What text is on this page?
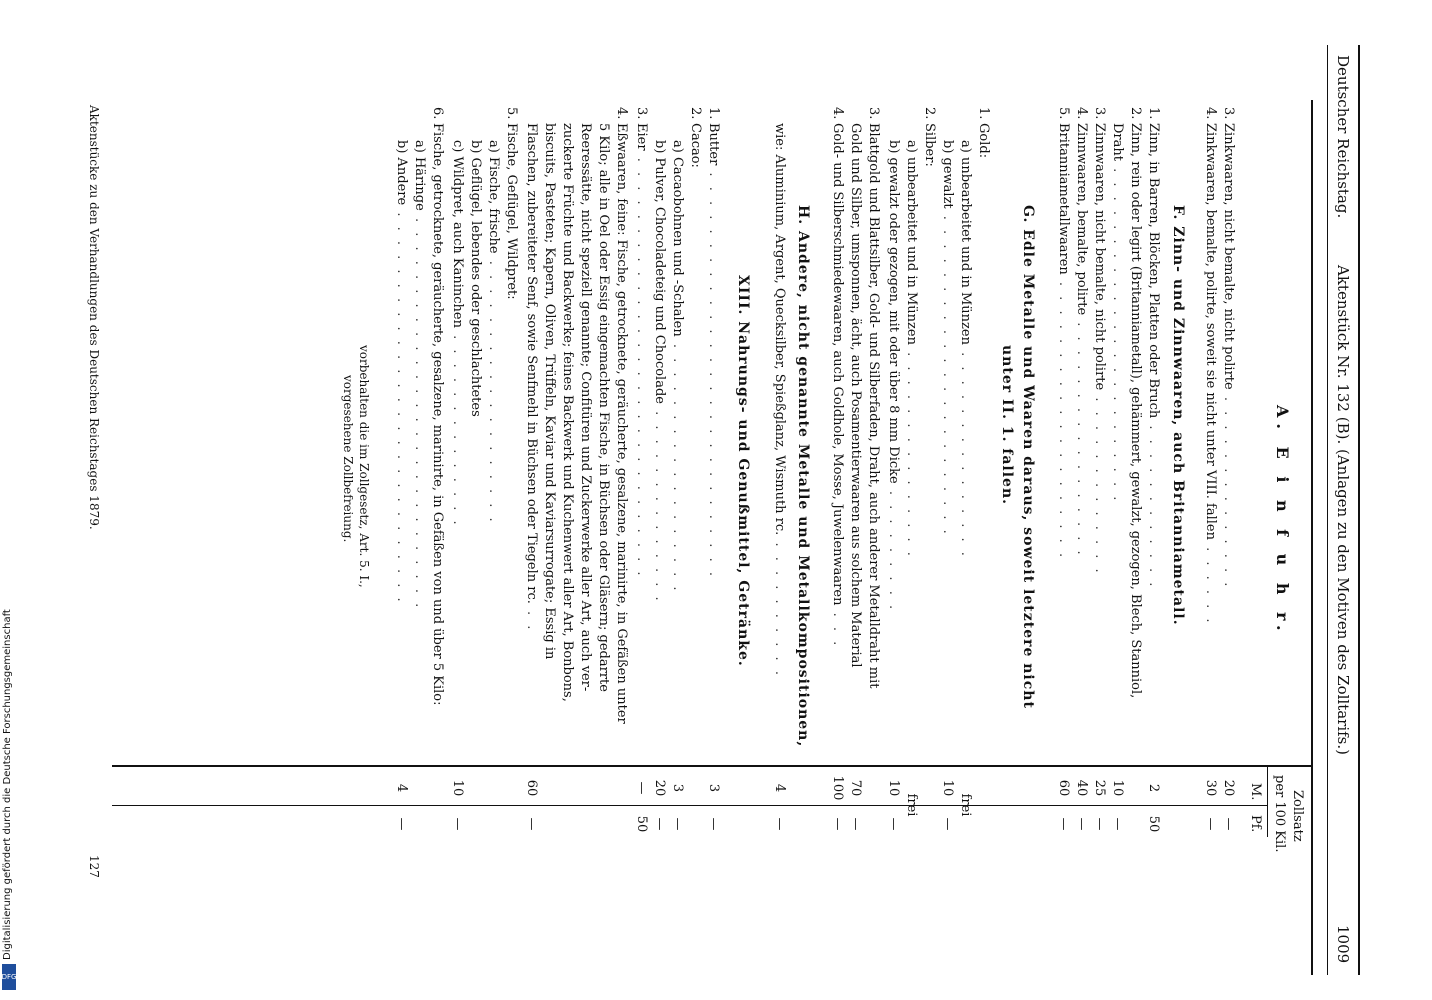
Digitalisierung gefördert durch die Deutsche Forschungsgemeinschaft
DFG
Deutscher Reichstag.
Aktenstück Nr. 132 (B). (Anlagen zu den Motiven des Zolltarifs.)
1009
Zollsatz
per 100 Kil.
M.
Pf.
A. E i n f u h r.
3.
Zinkwaaren, nicht bemalte, nicht polirte . . . . . . . . . . . . . .
20
—
4.
Zinkwaaren, bemalte, polirte, soweit sie nicht unter VIII. fallen . . . . . .
30
—
F. Zinn- und Zinnwaaren, auch Britanniametall.
1.
Zinn, in Barren, Blöcken, Platten oder Bruch . . . . . . . . . . . .
2
50
2.
Zinn, rein oder legirt (Britanniametall), gehämmert, gewalzt, gezogen, Blech, Stanniol,
Draht . . . . . . . . . . . . . . . . . . . . . . . .
10
—
3.
Zinnwaaren, nicht bemalte, nicht polirte . . . . . . . . . . . . .
25
—
4.
Zinnwaaren, bemalte, polirte . . . . . . . . . . . . . . . . .
40
—
5.
Britanniametallwaaren . . . . . . . . . . . . . . . . . . . .
60
—
G. Edle Metalle und Waaren daraus, soweit letztere nicht
unter II. 1. fallen.
1.
Gold:
a) unbearbeitet und in Münzen . . . . . . . . . . . . . . .
frei
b) gewalzt . . . . . . . . . . . . . . . . . . . . . . .
10
—
2.
Silber:
a) unbearbeitet und in Münzen . . . . . . . . . . . . . . .
frei
b) gewalzt oder gezogen, mit oder über 8 mm Dicke . . . . . . . . .
10
—
3.
Blattgold und Blattsilber, Gold- und Silberfaden, Draht, auch anderer Metalldraht mit
Gold und Silber, umsponnen, ächt, auch Posamentierwaaren aus solchem Material
70
—
4.
Gold- und Silberschmiedewaaren, auch Goldhole, Mosse, Juwelenwaaren . . .
100
—
H. Andere, nicht genannte Metalle und Metallkompositionen,
wie: Aluminium, Argent, Quecksilber, Spießglanz, Wismuth rc. . . . . . . . . . .
4
—
XIII. Nahrungs- und Genußmittel, Getränke.
1.
Butter . . . . . . . . . . . . . . . . . . . . . . . . . . . . .
3
—
2.
Cacao:
a) Cacaobohnen und -Schalen . . . . . . . . . . . . . . . . . .
3
—
b) Pulver, Chocoladeteig und Chocolade . . . . . . . . . . . . . .
20
—
3.
Eier . . . . . . . . . . . . . . . . . . . . . . . . . . . . . .
—
50
4.
Eßwaaren, feine: Fische, getrocknete, geräucherte, gesalzene, marinirte, in Gefäßen unter
5 Kilo; alle in Oel oder Essig eingemachten Fische, in Büchsen oder Gläsern; gedarrte
Reeressätte, nicht speziell genannte; Confitüren und Zuckerwerke aller Art, auch ver-
zuckerte Früchte und Backwerke; feines Backwerk und Kuchenwert aller Art, Bonbons,
biscuits, Pasteten; Kapern, Oliven, Trüffeln, Kaviar und Kaviarsurrogate; Essig in
Flaschen, zubereiteter Senf, sowie Senfmehl in Büchsen oder Tiegeln rc. . .
60
—
5.
Fische, Geflügel, Wildpret:
a) Fische, frische . . . . . . . . . . . . . . . . . . .
b) Geflügel, lebendes oder geschlachtetes
c) Wildpret, auch Kaninchen . . . . . . . . . . . . . .
10
—
6.
Fische, getrocknete, geräucherte, gesalzene, marinirte, in Gefäßen von und über 5 Kilo:
a) Häringe . . . . . . . . . . . . . . . . . . . . . . . . . . . .
b) Andere . . . . . . . . . . . . . . . . . . . . . . . . . . . .
4
—
vorbehalten die im Zollgesetz, Art. 5. I.,
vorgesehene Zollbefreiung.
Aktenstücke zu den Verhandlungen des Deutschen Reichstages 1879.
127
